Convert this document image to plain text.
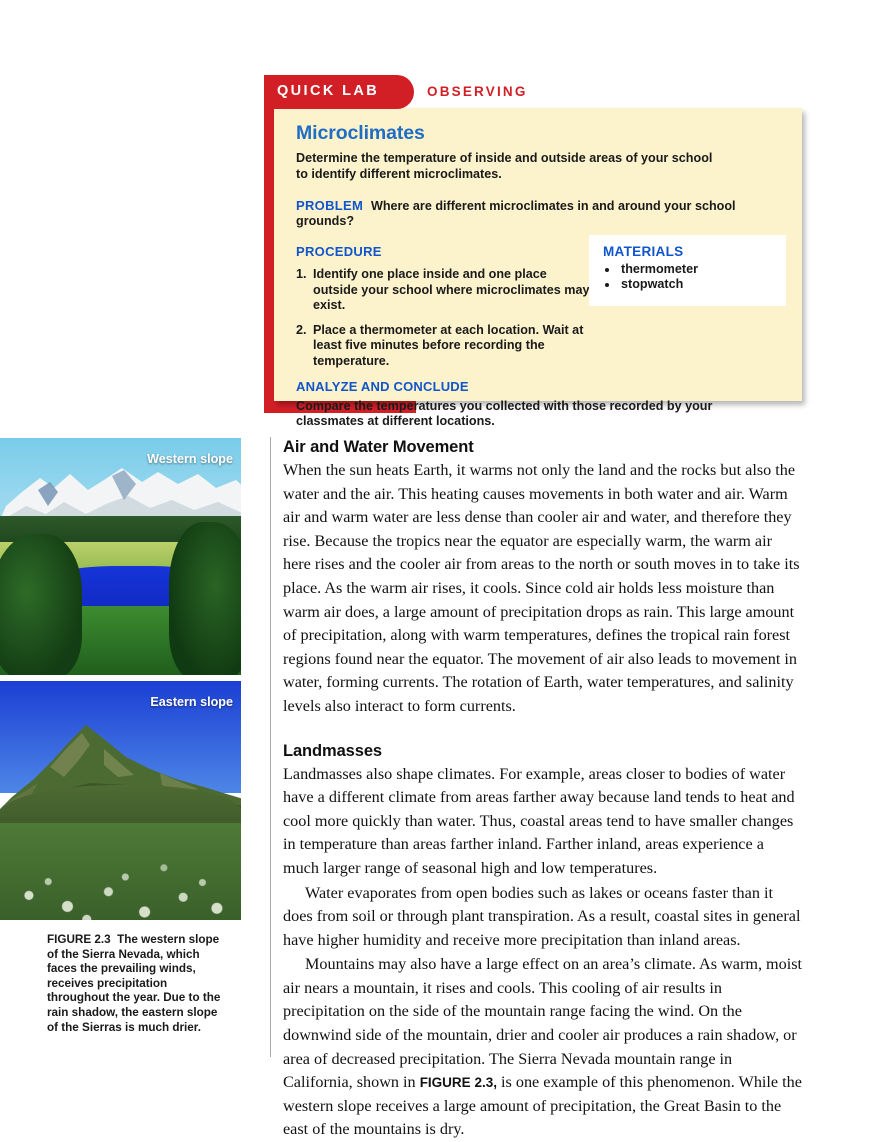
QUICK LAB	OBSERVING
Microclimates
Determine the temperature of inside and outside areas of your school to identify different microclimates.
PROBLEM Where are different microclimates in and around your school grounds?
PROCEDURE
1. Identify one place inside and one place outside your school where microclimates may exist.
2. Place a thermometer at each location. Wait at least five minutes before recording the temperature.
ANALYZE AND CONCLUDE
Compare the temperatures you collected with those recorded by your classmates at different locations.
MATERIALS
• thermometer
• stopwatch
Western slope
Eastern slope
FIGURE 2.3 The western slope of the Sierra Nevada, which faces the prevailing winds, receives precipitation throughout the year. Due to the rain shadow, the eastern slope of the Sierras is much drier.
Air and Water Movement

When the sun heats Earth, it warms not only the land and the rocks but also the water and the air. This heating causes movements in both water and air. Warm air and warm water are less dense than cooler air and water, and therefore they rise. Because the tropics near the equator are especially warm, the warm air here rises and the cooler air from areas to the north or south moves in to take its place. As the warm air rises, it cools. Since cold air holds less moisture than warm air does, a large amount of precipitation drops as rain. This large amount of precipitation, along with warm temperatures, defines the tropical rain forest regions found near the equator. The movement of air also leads to movement in water, forming currents. The rotation of Earth, water temperatures, and salinity levels also interact to form currents.

Landmasses

Landmasses also shape climates. For example, areas closer to bodies of water have a different climate from areas farther away because land tends to heat and cool more quickly than water. Thus, coastal areas tend to have smaller changes in temperature than areas farther inland. Farther inland, areas experience a much larger range of seasonal high and low temperatures.

Water evaporates from open bodies such as lakes or oceans faster than it does from soil or through plant transpiration. As a result, coastal sites in general have higher humidity and receive more precipitation than inland areas.

Mountains may also have a large effect on an area’s climate. As warm, moist air nears a mountain, it rises and cools. This cooling of air results in precipitation on the side of the mountain range facing the wind. On the downwind side of the mountain, drier and cooler air produces a rain shadow, or area of decreased precipitation. The Sierra Nevada mountain range in California, shown in FIGURE 2.3, is one example of this phenomenon. While the western slope receives a large amount of precipitation, the Great Basin to the east of the mountains is dry.
